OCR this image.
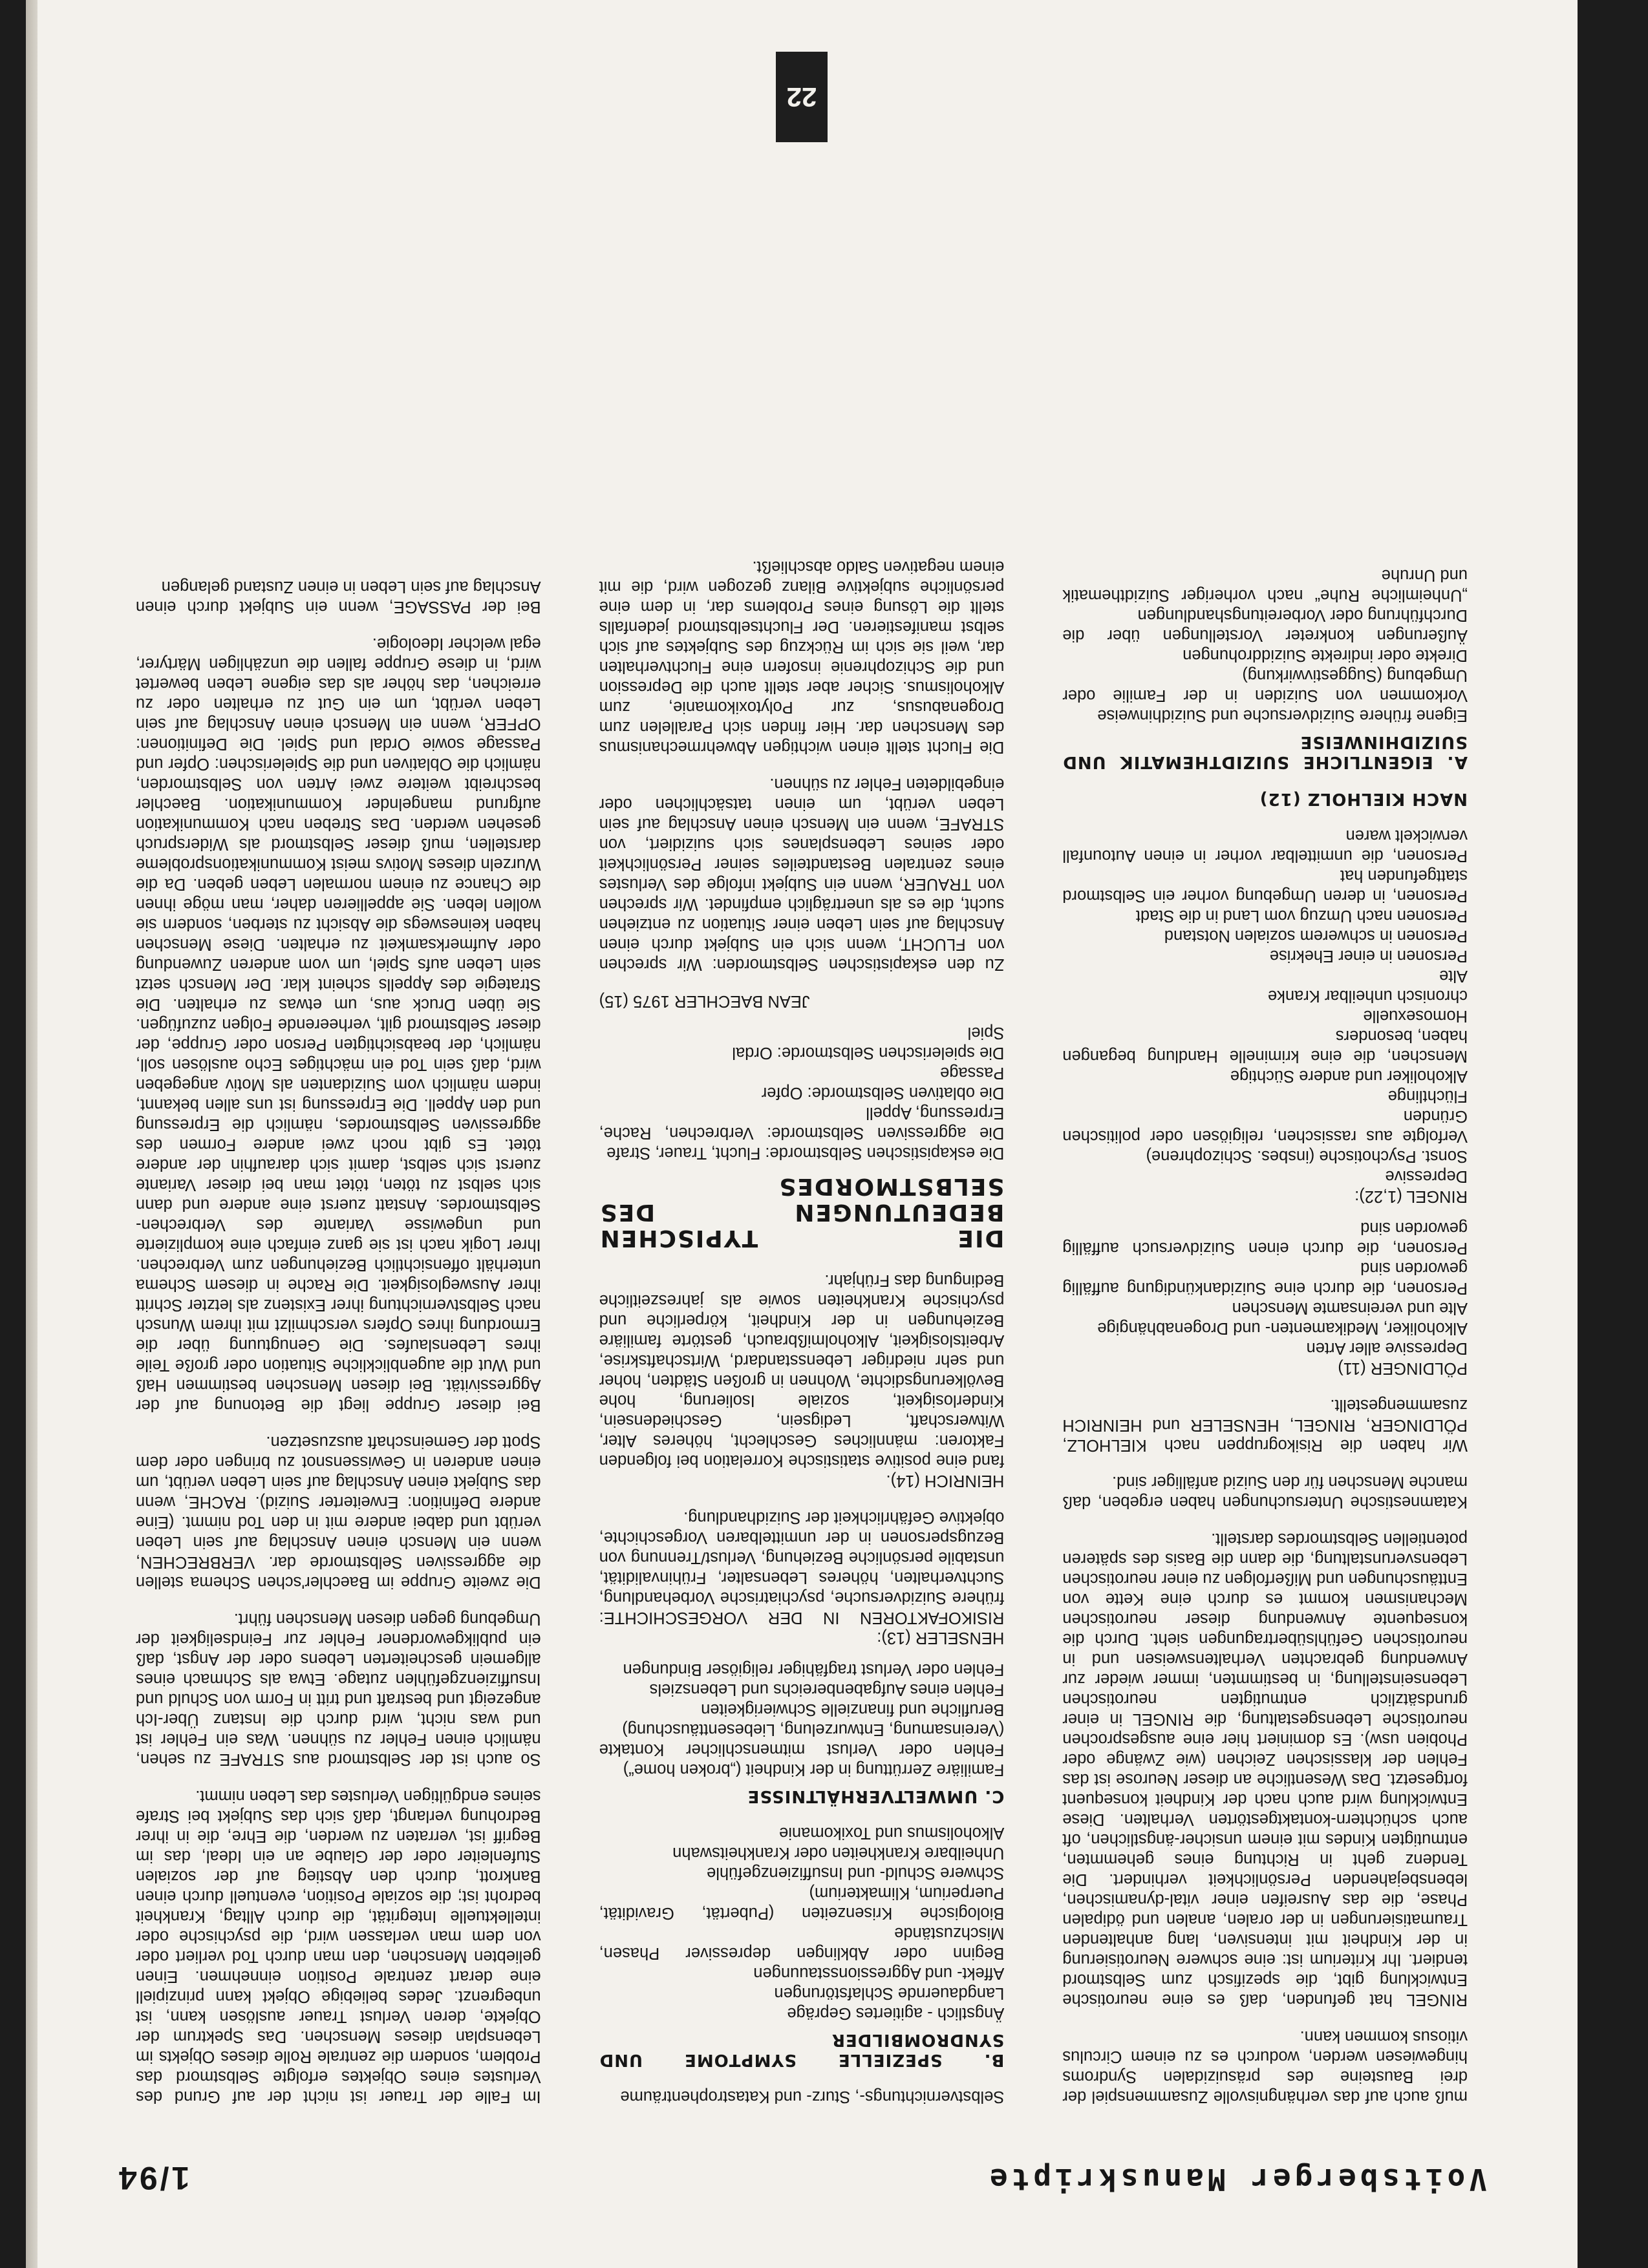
Voitsberger Manuskripte
1/94

muß auch auf das verhängnisvolle Zusammenspiel der drei Bausteine des präsuizidalen Syndroms hingewiesen werden, wodurch es zu einem Circulus vitiosus kommen kann.

RINGEL hat gefunden, daß es eine neurotische Entwicklung gibt, die spezifisch zum Selbstmord tendiert. Ihr Kriterium ist: eine schwere Neurotisierung in der Kindheit mit intensiven, lang anhaltenden Traumatisierungen in der oralen, analen und ödipalen Phase, die das Ausreifen einer vital-dynamischen, lebensbejahenden Persönlichkeit verhindert. Die Tendenz geht in Richtung eines gehemmten, entmutigten Kindes mit einem unsicher-ängstlichen, oft auch schüchtern-kontaktgestörten Verhalten. Diese Entwicklung wird auch nach der Kindheit konsequent fortgesetzt. Das Wesentliche an dieser Neurose ist das Fehlen der klassischen Zeichen (wie Zwänge oder Phobien usw). Es dominiert hier eine ausgesprochen neurotische Lebensgestaltung, die RINGEL in einer grundsätzlich entmutigten neurotischen Lebenseinstellung, in bestimmten, immer wieder zur Anwendung gebrachten Verhaltensweisen und in neurotischen Gefühlsübertragungen sieht. Durch die konsequente Anwendung dieser neurotischen Mechanismen kommt es durch eine Kette von Enttäuschungen und Mißerfolgen zu einer neurotischen Lebensverunstaltung, die dann die Basis des späteren potentiellen Selbstmordes darstellt.

Katamnestische Untersuchungen haben ergeben, daß manche Menschen für den Suizid anfälliger sind.

Wir haben die Risikogruppen nach KIELHOLZ, PÖLDINGER, RINGEL, HENSELER und HEINRICH zusammengestellt.

PÖLDINGER (11)
Depressive aller Arten
Alkoholiker, Medikamenten- und Drogenabhängige
Alte und vereinsamte Menschen
Personen, die durch eine Suizidankündigung auffällig geworden sind
Personen, die durch einen Suizidversuch auffällig geworden sind
RINGEL (1,22):
Depressive
Sonst. Psychotische (insbes. Schizophrene)
Verfolgte aus rassischen, religiösen oder politischen Gründen
Flüchtlinge
Alkoholiker und andere Süchtige
Menschen, die eine kriminelle Handlung begangen haben, besonders
Homosexuelle
chronisch unheilbar Kranke
Alte
Personen in einer Ehekrise
Personen in schwerem sozialen Notstand
Personen nach Umzug vom Land in die Stadt
Personen, in deren Umgebung vorher ein Selbstmord stattgefunden hat
Personen, die unmittelbar vorher in einen Autounfall verwickelt waren
NACH KIELHOLZ (12)
A. EIGENTLICHE SUIZIDTHEMATIK UND SUIZIDHINWEISE
Eigene frühere Suizidversuche und Suizidhinweise
Vorkommen von Suiziden in der Familie oder Umgebung (Suggestivwirkung)
Direkte oder indirekte Suiziddrohungen
Äußerungen konkreter Vorstellungen über die Durchführung oder Vorbereitungshandlungen
„Unheimliche Ruhe“ nach vorheriger Suizidthematik und Unruhe
Selbstvernichtungs-, Sturz- und Katastrophenträume
B. SPEZIELLE SYMPTOME UND SYNDROMBILDER
Ängstlich - agitiertes Gepräge
Langdauernde Schlafstörungen
Affekt- und Aggressionsstauungen
Beginn oder Abklingen depressiver Phasen, Mischzustände
Biologische Krisenzeiten (Pubertät, Gravidität, Puerperium, Klimakterium)
Schwere Schuld- und Insuffizienzgefühle
Unheilbare Krankheiten oder Krankheitswahn
Alkoholismus und Toxikomanie
C. UMWELTVERHÄLTNISSE
Familiäre Zerrüttung in der Kindheit („broken home“)
Fehlen oder Verlust mitmenschlicher Kontakte (Vereinsamung, Entwurzelung, Liebesenttäuschung)
Berufliche und finanzielle Schwierigkeiten
Fehlen eines Aufgabenbereichs und Lebensziels
Fehlen oder Verlust tragfähiger religiöser Bindungen
HENSELER (13):

RISIKOFAKTOREN IN DER VORGESCHICHTE: frühere Suizidversuche, psychiatrische Vorbehandlung, Suchtverhalten, höheres Lebensalter, Frühinvalidität, unstabile persönliche Beziehung, Verlust/Trennung von Bezugspersonen in der unmittelbaren Vorgeschichte, objektive Gefährlichkeit der Suizidhandlung.

HEINRICH (14).

fand eine positive statistische Korrelation bei folgenden Faktoren: männliches Geschlecht, höheres Alter, Witwerschaft, Ledigsein, Geschiedensein, Kinderlosigkeit, soziale Isolierung, hohe Bevölkerungsdichte, Wohnen in großen Städten, hoher und sehr niedriger Lebensstandard, Wirtschaftskrise, Arbeitslosigkeit, Alkoholmißbrauch, gestörte familiäre Beziehungen in der Kindheit, körperliche und psychische Krankheiten sowie als jahreszeitliche Bedingung das Frühjahr.

DIE TYPISCHEN BEDEUTUNGEN DES SELBSTMORDES
Die eskapistischen Selbstmorde: Flucht, Trauer, Strafe
Die aggressiven Selbstmorde: Verbrechen, Rache, Erpressung, Appell
Die oblativen Selbstmorde: Opfer
Passage
Die spielerischen Selbstmorde: Ordal
Spiel

JEAN BAECHLER 1975 (15)

Zu den eskapistischen Selbstmorden: Wir sprechen von FLUCHT, wenn sich ein Subjekt durch einen Anschlag auf sein Leben einer Situation zu entziehen sucht, die es als unerträglich empfindet. Wir sprechen von TRAUER, wenn ein Subjekt infolge des Verlustes eines zentralen Bestandteiles seiner Persönlichkeit oder seines Lebensplanes sich suizidiert, von STRAFE, wenn ein Mensch einen Anschlag auf sein Leben verübt, um einen tatsächlichen oder eingebildeten Fehler zu sühnen.

Die Flucht stellt einen wichtigen Abwehrmechanismus des Menschen dar. Hier finden sich Parallelen zum Drogenabusus, zur Polytoxikomanie, zum Alkoholismus. Sicher aber stellt auch die Depression und die Schizophrenie insofern eine Fluchtverhalten dar, weil sie sich im Rückzug des Subjektes auf sich selbst manifestieren. Der Fluchtselbstmord jedenfalls stellt die Lösung eines Problems dar, in dem eine persönliche subjektive Bilanz gezogen wird, die mit einem negativen Saldo abschließt.

Im Falle der Trauer ist nicht der auf Grund des Verlustes eines Objektes erfolgte Selbstmord das Problem, sondern die zentrale Rolle dieses Objekts im Lebensplan dieses Menschen. Das Spektrum der Objekte, deren Verlust Trauer auslösen kann, ist unbegrenzt. Jedes beliebige Objekt kann prinzipiell eine derart zentrale Position einnehmen. Einen geliebten Menschen, den man durch Tod verliert oder von dem man verlassen wird, die psychische oder intellektuelle Integrität, die durch Alltag, Krankheit bedroht ist; die soziale Position, eventuell durch einen Bankrott, durch den Abstieg auf der sozialen Stufenleiter oder der Glaube an ein Ideal, das im Begriff ist, verraten zu werden, die Ehre, die in ihrer Bedrohung verlangt, daß sich das Subjekt bei Strafe seines endgültigen Verlustes das Leben nimmt.

So auch ist der Selbstmord aus STRAFE zu sehen, nämlich einen Fehler zu sühnen. Was ein Fehler ist und was nicht, wird durch die Instanz Über-Ich angezeigt und bestraft und tritt in Form von Schuld und Insuffizienzgefühlen zutage. Etwa als Schmach eines allgemein gescheiterten Lebens oder der Angst, daß ein publikgewordener Fehler zur Feindseligkeit der Umgebung gegen diesen Menschen führt.

Die zweite Gruppe im Baechler'schen Schema stellen die aggressiven Selbstmorde dar. VERBRECHEN, wenn ein Mensch einen Anschlag auf sein Leben verübt und dabei andere mit in den Tod nimmt. (Eine andere Definition: Erweiterter Suizid). RACHE, wenn das Subjekt einen Anschlag auf sein Leben verübt, um einen anderen in Gewissensnot zu bringen oder dem Spott der Gemeinschaft auszusetzen.

Bei dieser Gruppe liegt die Betonung auf der Aggressivität. Bei diesen Menschen bestimmen Haß und Wut die augenblickliche Situation oder große Teile ihres Lebenslaufes. Die Genugtuung über die Ermordung ihres Opfers verschmilzt mit ihrem Wunsch nach Selbstvernichtung ihrer Existenz als letzter Schritt ihrer Ausweglosigkeit. Die Rache in diesem Schema unterhält offensichtlich Beziehungen zum Verbrechen. Ihrer Logik nach ist sie ganz einfach eine komplizierte und ungewisse Variante des Verbrechen-Selbstmordes. Anstatt zuerst eine andere und dann sich selbst zu töten, tötet man bei dieser Variante zuerst sich selbst, damit sich daraufhin der andere tötet. Es gibt noch zwei andere Formen des aggressiven Selbstmordes, nämlich die Erpressung und den Appell. Die Erpressung ist uns allen bekannt, indem nämlich vom Suizidanten als Motiv angegeben wird, daß sein Tod ein mächtiges Echo auslösen soll, nämlich, der beabsichtigten Person oder Gruppe, der dieser Selbstmord gilt, verheerende Folgen zuzufügen. Sie üben Druck aus, um etwas zu erhalten. Die Strategie des Appells scheint klar. Der Mensch setzt sein Leben aufs Spiel, um vom anderen Zuwendung oder Aufmerksamkeit zu erhalten. Diese Menschen haben keineswegs die Absicht zu sterben, sondern sie wollen leben. Sie appellieren daher, man möge ihnen die Chance zu einem normalen Leben geben. Da die Wurzeln dieses Motivs meist Kommunikationsprobleme darstellen, muß dieser Selbstmord als Widerspruch gesehen werden. Das Streben nach Kommunikation aufgrund mangelnder Kommunikation. Baechler beschreibt weitere zwei Arten von Selbstmorden, nämlich die Oblativen und die Spielerischen: Opfer und Passage sowie Ordal und Spiel. Die Definitionen: OPFER, wenn ein Mensch einen Anschlag auf sein Leben verübt, um ein Gut zu erhalten oder zu erreichen, das höher als das eigene Leben bewertet wird, in diese Gruppe fallen die unzähligen Märtyrer, egal welcher Ideologie.

Bei der PASSAGE, wenn ein Subjekt durch einen Anschlag auf sein Leben in einen Zustand gelangen

22
